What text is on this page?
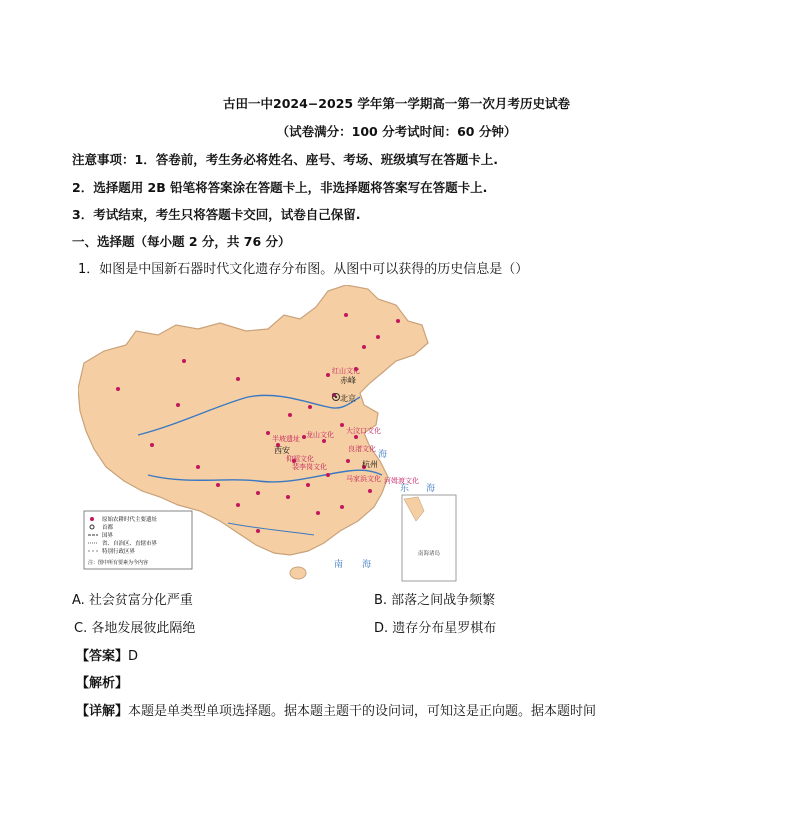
古田一中2024−2025 学年第一学期高一第一次月考历史试卷
（试卷满分：100 分考试时间：60 分钟）
注意事项：1．答卷前，考生务必将姓名、座号、考场、班级填写在答题卡上.
2．选择题用 2B 铅笔将答案涂在答题卡上，非选择题将答案写在答题卡上.
3．考试结束，考生只将答题卡交回，试卷自己保留.
一、选择题（每小题 2 分，共 76 分）
1．如图是中国新石器时代文化遗存分布图。从图中可以获得的历史信息是（）
原始农耕时代主要遗址
首都
国界
省、自治区、直辖市界
特别行政区界
注：图中所有要素为今内容
红山文化
大汶口文化
龙山文化
半坡遗址
仰韶文化
裴李岗文化
马家浜文化 河姆渡文化
良渚文化
赤峰
北京
西安
杭州
海
东 海
南 海
南海诸岛
A. 社会贫富分化严重	B. 部落之间战争频繁
C. 各地发展彼此隔绝	D. 遗存分布星罗棋布
【答案】D
【解析】
【详解】本题是单类型单项选择题。据本题主题干的设问词，可知这是正向题。据本题时间
